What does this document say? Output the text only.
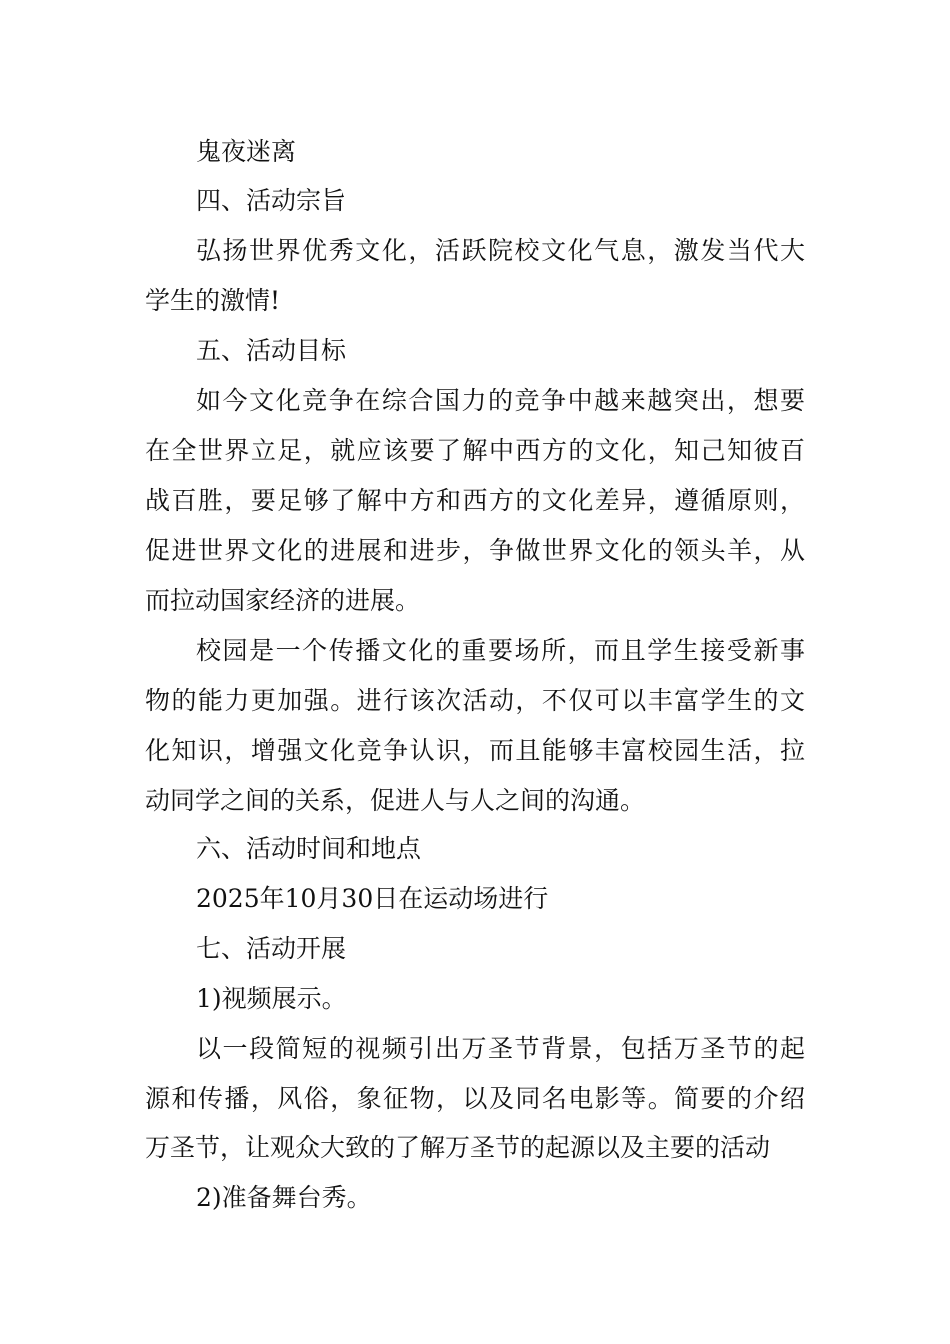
鬼夜迷离
四、活动宗旨
弘扬世界优秀文化，活跃院校文化气息，激发当代大
学生的激情!
五、活动目标
如今文化竞争在综合国力的竞争中越来越突出，想要
在全世界立足，就应该要了解中西方的文化，知己知彼百
战百胜，要足够了解中方和西方的文化差异，遵循原则，
促进世界文化的进展和进步，争做世界文化的领头羊，从
而拉动国家经济的进展。
校园是一个传播文化的重要场所，而且学生接受新事
物的能力更加强。进行该次活动，不仅可以丰富学生的文
化知识，增强文化竞争认识，而且能够丰富校园生活，拉
动同学之间的关系，促进人与人之间的沟通。
六、活动时间和地点
2025年10月30日在运动场进行
七、活动开展
1)视频展示。
以一段简短的视频引出万圣节背景，包括万圣节的起
源和传播，风俗，象征物，以及同名电影等。简要的介绍
万圣节，让观众大致的了解万圣节的起源以及主要的活动
2)准备舞台秀。
